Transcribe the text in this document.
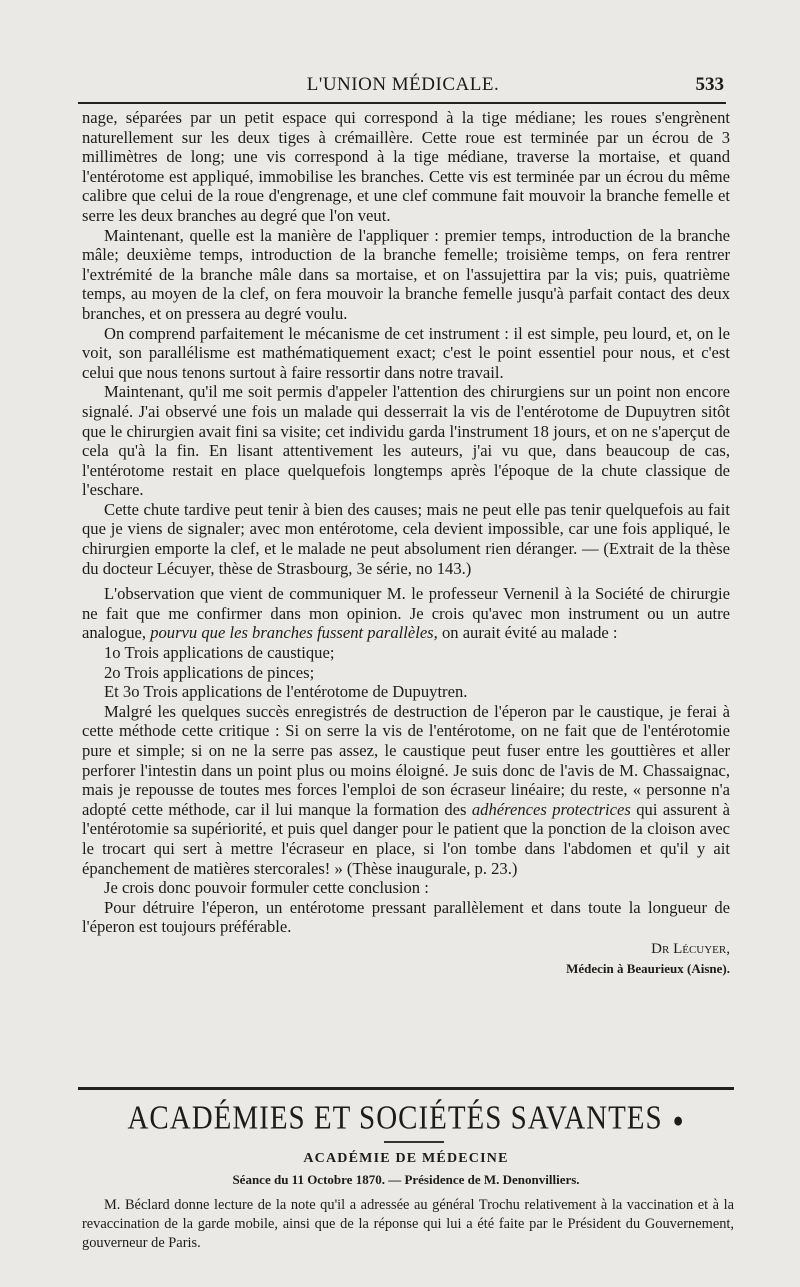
L'UNION MÉDICALE.	533

nage, séparées par un petit espace qui correspond à la tige médiane; les roues s'engrènent naturellement sur les deux tiges à crémaillère. Cette roue est terminée par un écrou de 3 millimètres de long; une vis correspond à la tige médiane, traverse la mortaise, et quand l'entérotome est appliqué, immobilise les branches. Cette vis est terminée par un écrou du même calibre que celui de la roue d'engrenage, et une clef commune fait mouvoir la branche femelle et serre les deux branches au degré que l'on veut.

Maintenant, quelle est la manière de l'appliquer : premier temps, introduction de la branche mâle; deuxième temps, introduction de la branche femelle; troisième temps, on fera rentrer l'extrémité de la branche mâle dans sa mortaise, et on l'assujettira par la vis; puis, quatrième temps, au moyen de la clef, on fera mouvoir la branche femelle jusqu'à parfait contact des deux branches, et on pressera au degré voulu.

On comprend parfaitement le mécanisme de cet instrument : il est simple, peu lourd, et, on le voit, son parallélisme est mathématiquement exact; c'est le point essentiel pour nous, et c'est celui que nous tenons surtout à faire ressortir dans notre travail.

Maintenant, qu'il me soit permis d'appeler l'attention des chirurgiens sur un point non encore signalé. J'ai observé une fois un malade qui desserrait la vis de l'entérotome de Dupuytren sitôt que le chirurgien avait fini sa visite; cet individu garda l'instrument 18 jours, et on ne s'aperçut de cela qu'à la fin. En lisant attentivement les auteurs, j'ai vu que, dans beaucoup de cas, l'entérotome restait en place quelquefois longtemps après l'époque de la chute classique de l'eschare.

Cette chute tardive peut tenir à bien des causes; mais ne peut elle pas tenir quelquefois au fait que je viens de signaler; avec mon entérotome, cela devient impossible, car une fois appliqué, le chirurgien emporte la clef, et le malade ne peut absolument rien déranger. — (Extrait de la thèse du docteur Lécuyer, thèse de Strasbourg, 3e série, no 143.)

L'observation que vient de communiquer M. le professeur Vernenil à la Société de chirurgie ne fait que me confirmer dans mon opinion. Je crois qu'avec mon instrument ou un autre analogue, pourvu que les branches fussent parallèles, on aurait évité au malade :

1o Trois applications de caustique;

2o Trois applications de pinces;

Et 3o Trois applications de l'entérotome de Dupuytren.

Malgré les quelques succès enregistrés de destruction de l'éperon par le caustique, je ferai à cette méthode cette critique : Si on serre la vis de l'entérotome, on ne fait que de l'entérotomie pure et simple; si on ne la serre pas assez, le caustique peut fuser entre les gouttières et aller perforer l'intestin dans un point plus ou moins éloigné. Je suis donc de l'avis de M. Chassaignac, mais je repousse de toutes mes forces l'emploi de son écraseur linéaire; du reste, « personne n'a adopté cette méthode, car il lui manque la formation des adhérences protectrices qui assurent à l'entérotomie sa supériorité, et puis quel danger pour le patient que la ponction de la cloison avec le trocart qui sert à mettre l'écraseur en place, si l'on tombe dans l'abdomen et qu'il y ait épanchement de matières stercorales! » (Thèse inaugurale, p. 23.)

Je crois donc pouvoir formuler cette conclusion :

Pour détruire l'éperon, un entérotome pressant parallèlement et dans toute la longueur de l'éperon est toujours préférable.

Dr Lécuyer,
Médecin à Beaurieux (Aisne).
ACADÉMIES ET SOCIÉTÉS SAVANTES ●
ACADÉMIE DE MÉDECINE
Séance du 11 Octobre 1870. — Présidence de M. Denonvilliers.

M. Béclard donne lecture de la note qu'il a adressée au général Trochu relativement à la vaccination et à la revaccination de la garde mobile, ainsi que de la réponse qui lui a été faite par le Président du Gouvernement, gouverneur de Paris.
